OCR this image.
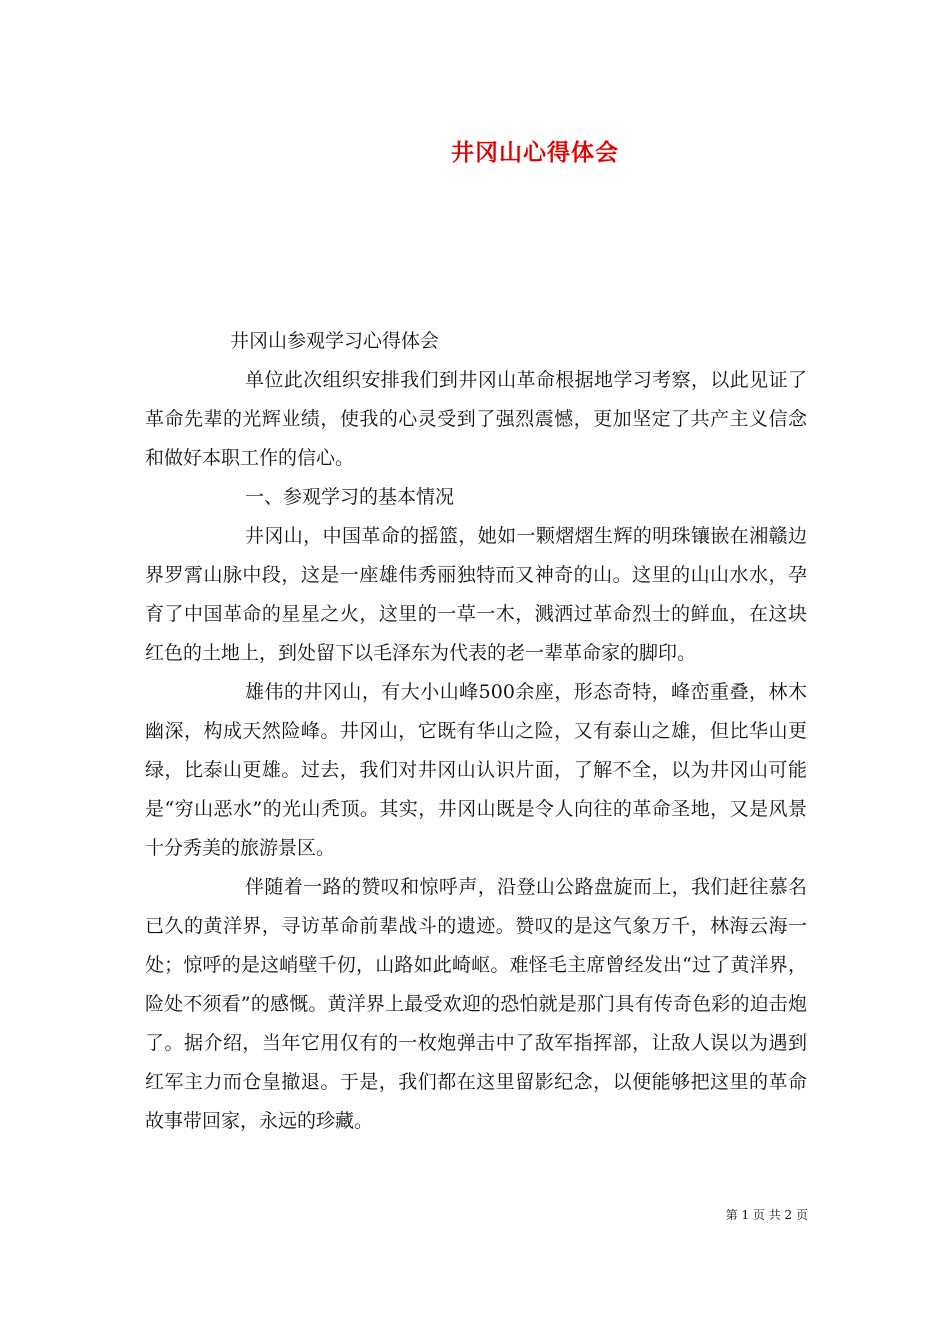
井冈山心得体会

井冈山参观学习心得体会

单位此次组织安排我们到井冈山革命根据地学习考察，以此见证了革命先辈的光辉业绩，使我的心灵受到了强烈震憾，更加坚定了共产主义信念和做好本职工作的信心。

一、参观学习的基本情况

井冈山，中国革命的摇篮，她如一颗熠熠生辉的明珠镶嵌在湘赣边界罗霄山脉中段，这是一座雄伟秀丽独特而又神奇的山。这里的山山水水，孕育了中国革命的星星之火，这里的一草一木，溅洒过革命烈士的鲜血，在这块红色的土地上，到处留下以毛泽东为代表的老一辈革命家的脚印。

雄伟的井冈山，有大小山峰500余座，形态奇特，峰峦重叠，林木幽深，构成天然险峰。井冈山，它既有华山之险，又有泰山之雄，但比华山更绿，比泰山更雄。过去，我们对井冈山认识片面，了解不全，以为井冈山可能是“穷山恶水”的光山秃顶。其实，井冈山既是令人向往的革命圣地，又是风景十分秀美的旅游景区。

伴随着一路的赞叹和惊呼声，沿登山公路盘旋而上，我们赶往慕名已久的黄洋界，寻访革命前辈战斗的遗迹。赞叹的是这气象万千，林海云海一处；惊呼的是这峭壁千仞，山路如此崎岖。难怪毛主席曾经发出“过了黄洋界，险处不须看”的感慨。黄洋界上最受欢迎的恐怕就是那门具有传奇色彩的迫击炮了。据介绍，当年它用仅有的一枚炮弹击中了敌军指挥部，让敌人误以为遇到红军主力而仓皇撤退。于是，我们都在这里留影纪念，以便能够把这里的革命故事带回家，永远的珍藏。

第 1 页 共 2 页
